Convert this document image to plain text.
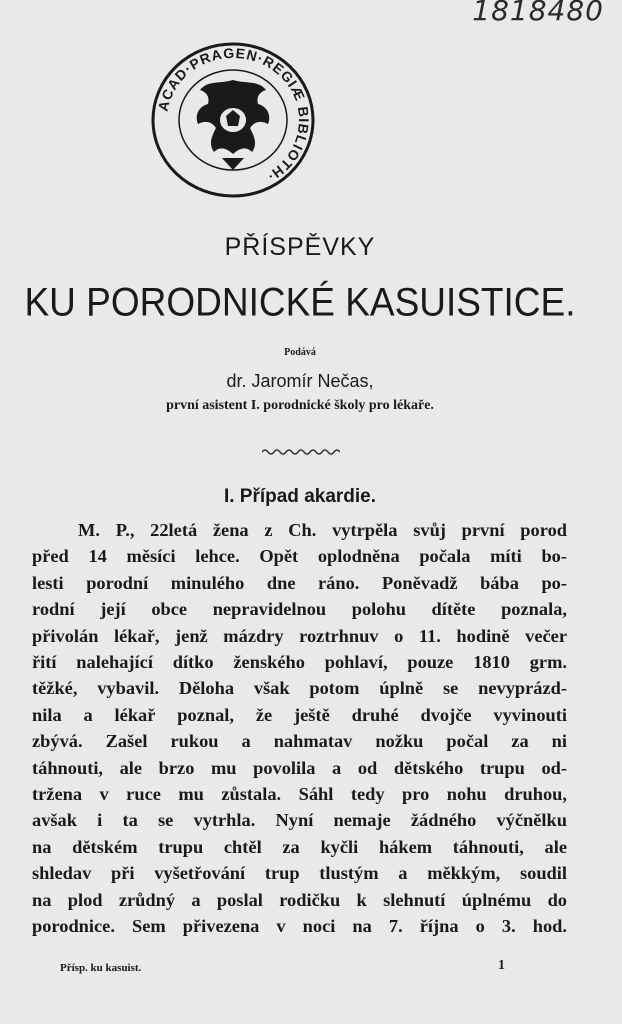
1818480
ACAD·PRAGEN·REGIÆ BIBLIOTH·
PŘÍSPĚVKY
KU PORODNICKÉ KASUISTICE.
Podává
dr. Jaromír Nečas,
první asistent I. porodnické školy pro lékaře.
I. Případ akardie.
M. P., 22letá žena z Ch. vytrpěla svůj první porod
před 14 měsíci lehce. Opět oplodněna počala míti bo-
lesti porodní minulého dne ráno. Poněvadž bába po-
rodní její obce nepravidelnou polohu dítěte poznala,
přivolán lékař, jenž mázdry roztrhnuv o 11. hodině večer
řití nalehající dítko ženského pohlaví, pouze 1810 grm.
těžké, vybavil. Děloha však potom úplně se nevyprázd-
nila a lékař poznal, že ještě druhé dvojče vyvinouti
zbývá. Zašel rukou a nahmatav nožku počal za ni
táhnouti, ale brzo mu povolila a od dětského trupu od-
tržena v ruce mu zůstala. Sáhl tedy pro nohu druhou,
avšak i ta se vytrhla. Nyní nemaje žádného výčnělku
na dětském trupu chtěl za kyčli hákem táhnouti, ale
shledav při vyšetřování trup tlustým a měkkým, soudil
na plod zrůdný a poslal rodičku k slehnutí úplnému do
porodnice. Sem přivezena v noci na 7. října o 3. hod.
Přísp. ku kasuist.	1
